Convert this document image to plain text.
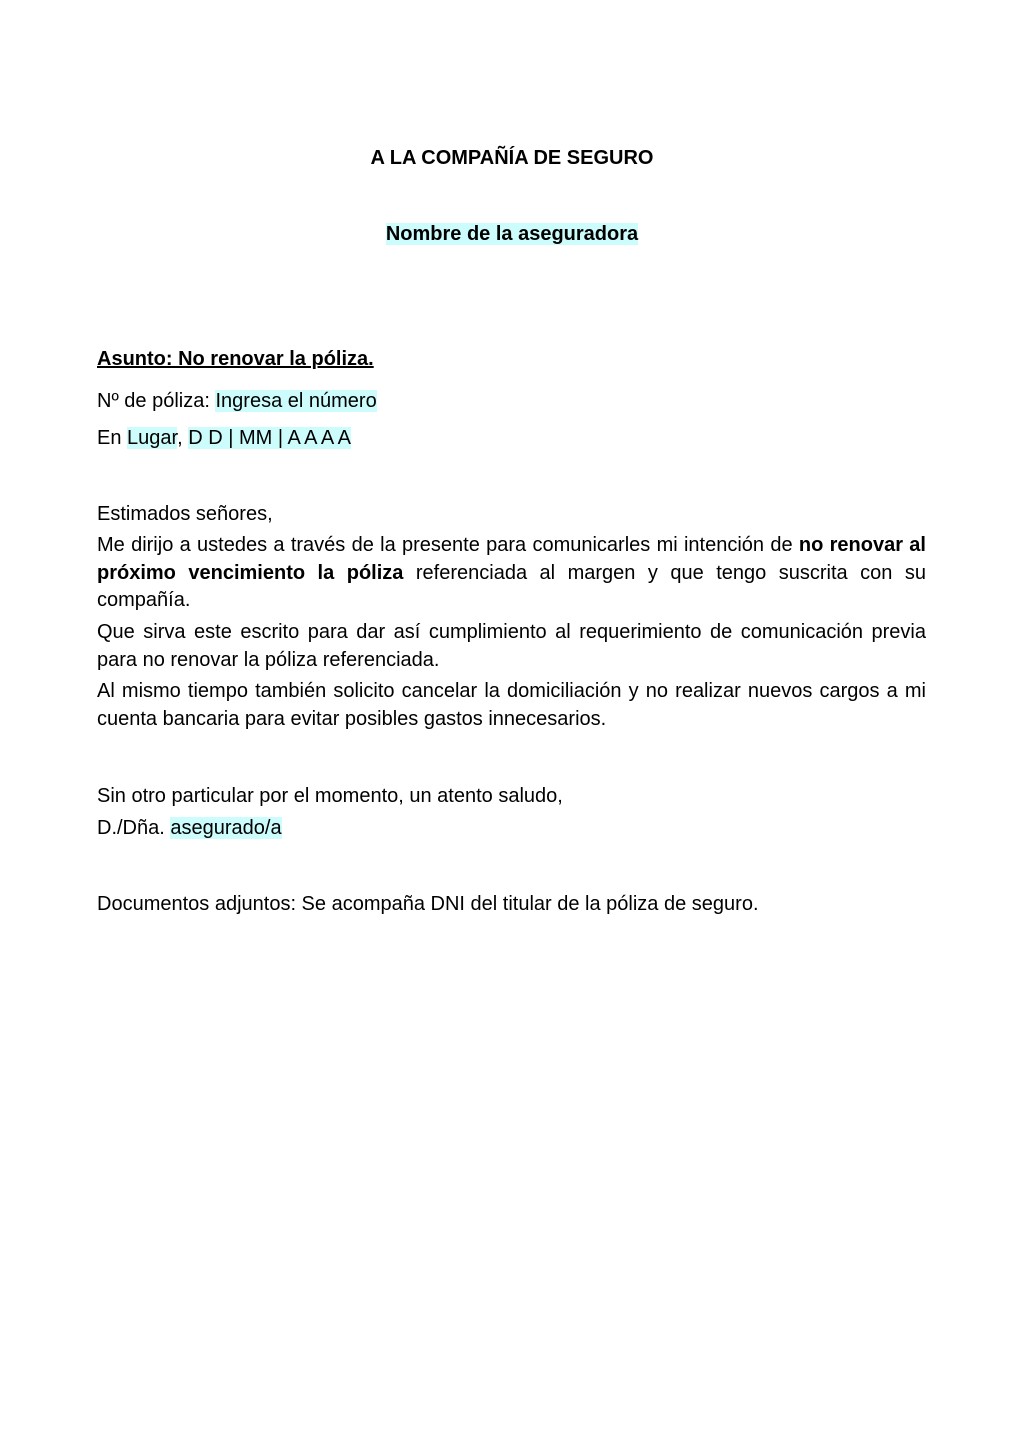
A LA COMPAÑÍA DE SEGURO
Nombre de la aseguradora
Asunto: No renovar la póliza.
Nº de póliza: Ingresa el número
En Lugar, D D | MM | A A A A
Estimados señores,
Me dirijo a ustedes a través de la presente para comunicarles mi intención de no renovar al próximo vencimiento la póliza referenciada al margen y que tengo suscrita con su compañía.
Que sirva este escrito para dar así cumplimiento al requerimiento de comunicación previa para no renovar la póliza referenciada.
Al mismo tiempo también solicito cancelar la domiciliación y no realizar nuevos cargos a mi cuenta bancaria para evitar posibles gastos innecesarios.
Sin otro particular por el momento, un atento saludo,
D./Dña. asegurado/a
Documentos adjuntos: Se acompaña DNI del titular de la póliza de seguro.
